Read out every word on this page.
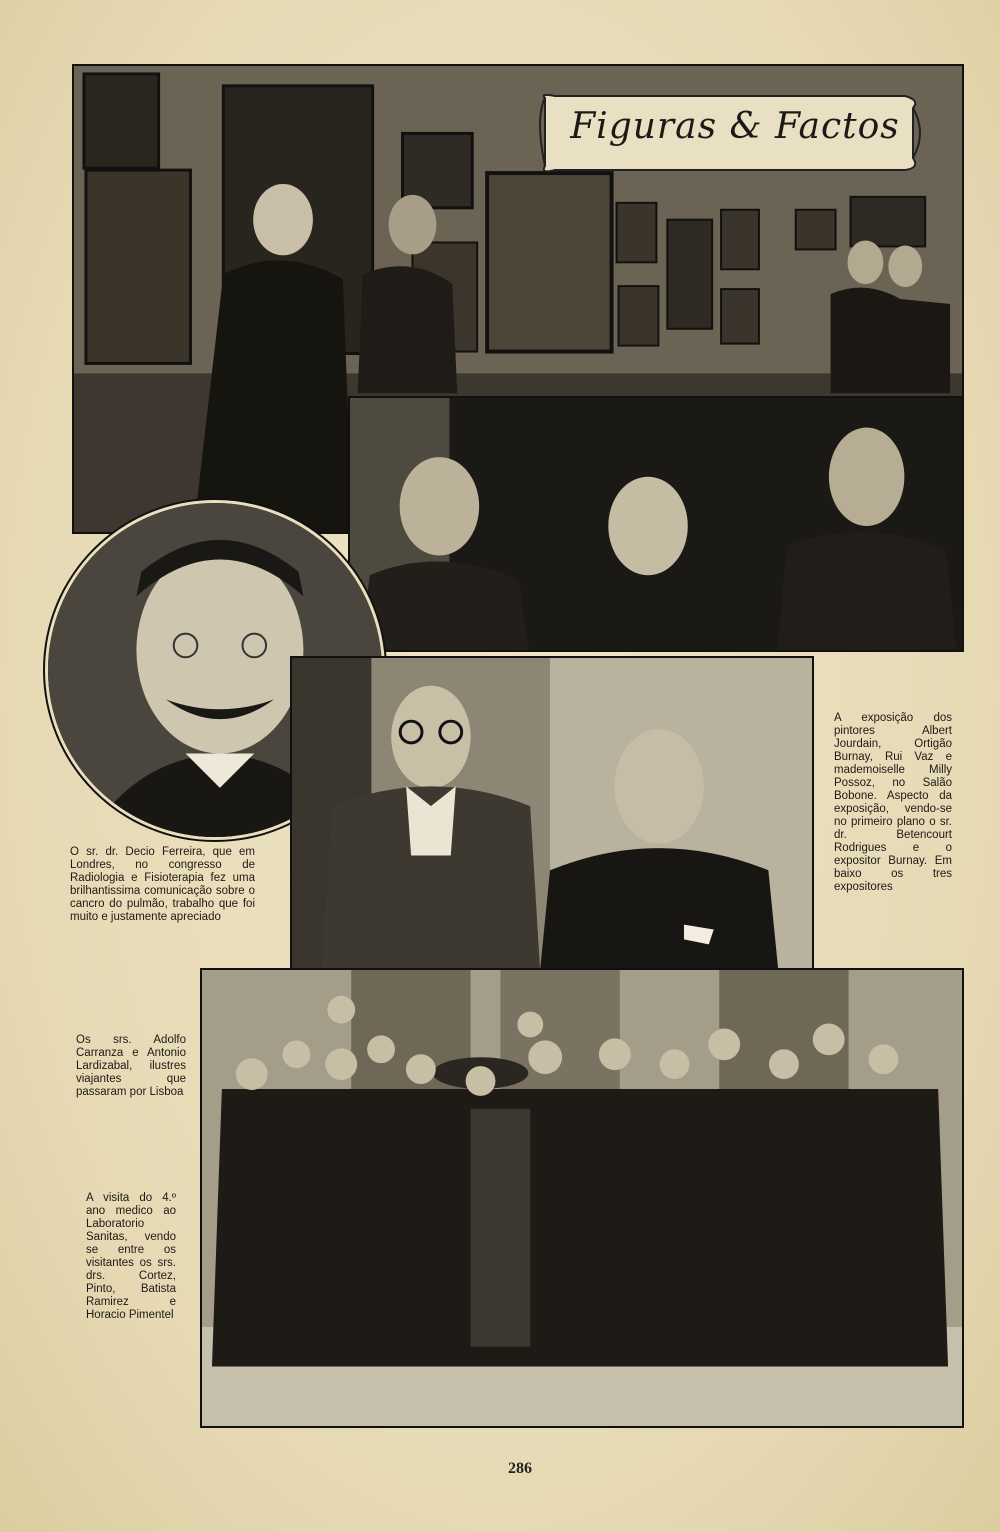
Figuras & Factos
A exposição dos pintores Albert Jourdain, Ortigão Burnay, Rui Vaz e mademoiselle Milly Possoz, no Salão Bobone. Aspecto da exposição, vendo-se no primeiro plano o sr. dr. Betencourt Rodrigues e o expositor Burnay. Em baixo os tres expositores
O sr. dr. Decio Ferreira, que em Londres, no congresso de Radiologia e Fisioterapia fez uma brilhantissima comunicação sobre o cancro do pulmão, trabalho que foi muito e justamente apreciado
Os srs. Adolfo Carranza e Antonio Lardizabal, ilustres viajantes que passaram por Lisboa
A visita do 4.º ano medico ao Laboratorio Sanitas, vendo se entre os visitantes os srs. drs. Cortez, Pinto, Batista Ramirez e Horacio Pimentel
286
